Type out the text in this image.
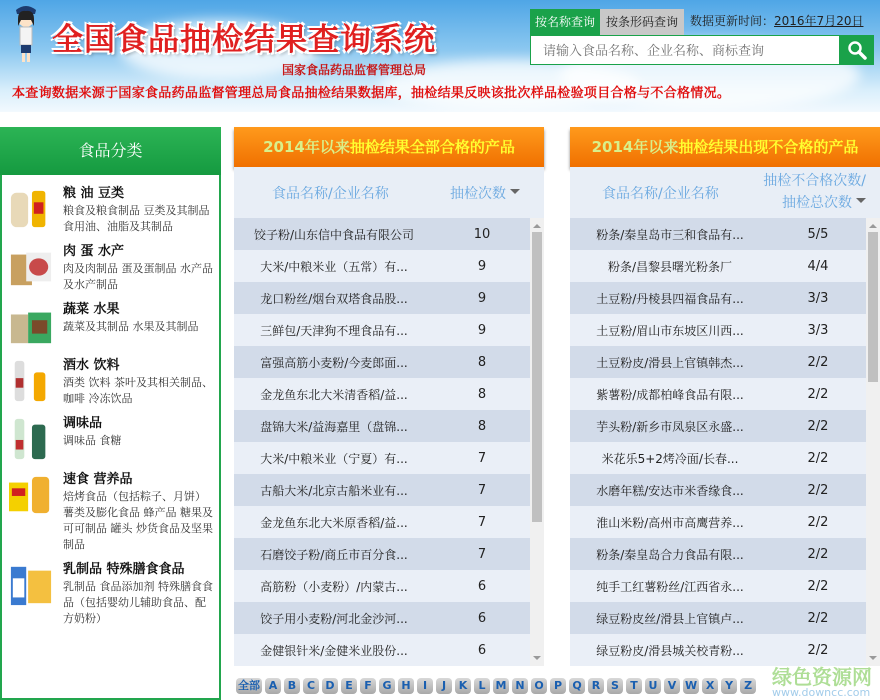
全国食品抽检结果查询系统
国家食品药品监督管理总局
本查询数据来源于国家食品药品监督管理总局食品抽检结果数据库，抽检结果反映该批次样品检验项目合格与不合格情况。
按名称查询 按条形码查询	数据更新时间：2016年7月20日
请输入食品名称、企业名称、商标查询
食品分类
粮 油 豆类
粮食及粮食制品 豆类及其制品 食用油、油脂及其制品
肉 蛋 水产
肉及肉制品 蛋及蛋制品 水产品及水产制品
蔬菜 水果
蔬菜及其制品 水果及其制品
酒水 饮料
酒类 饮料 茶叶及其相关制品、咖啡 冷冻饮品
调味品
调味品 食糖
速食 营养品
焙烤食品（包括粽子、月饼） 薯类及膨化食品 蜂产品 糖果及可可制品 罐头 炒货食品及坚果制品
乳制品 特殊膳食食品
乳制品 食品添加剂 特殊膳食食品（包括婴幼儿辅助食品、配方奶粉）
2014年以来抽检结果全部合格的产品
食品名称/企业名称	抽检次数
饺子粉/山东信中食品有限公司	10
大米/中粮米业（五常）有...	9
龙口粉丝/烟台双塔食品股...	9
三鲜包/天津狗不理食品有...	9
富强高筋小麦粉/今麦郎面...	8
金龙鱼东北大米清香稻/益...	8
盘锦大米/益海嘉里（盘锦...	8
大米/中粮米业（宁夏）有...	7
古船大米/北京古船米业有...	7
金龙鱼东北大米原香稻/益...	7
石磨饺子粉/商丘市百分食...	7
高筋粉（小麦粉）/内蒙古...	6
饺子用小麦粉/河北金沙河...	6
金健银针米/金健米业股份...	6
2014年以来抽检结果出现不合格的产品
食品名称/企业名称
抽检不合格次数/
抽检总次数
粉条/秦皇岛市三和食品有...	5/5
粉条/昌黎县曙光粉条厂	4/4
土豆粉/丹棱县四福食品有...	3/3
土豆粉/眉山市东坡区川西...	3/3
土豆粉皮/滑县上官镇韩杰...	2/2
紫薯粉/成都柏峰食品有限...	2/2
芋头粉/新乡市凤泉区永盛...	2/2
米花乐5+2烤冷面/长春...	2/2
水磨年糕/安达市米香缘食...	2/2
淮山米粉/高州市高鹰营养...	2/2
粉条/秦皇岛合力食品有限...	2/2
纯手工红薯粉丝/江西省永...	2/2
绿豆粉皮丝/滑县上官镇卢...	2/2
绿豆粉皮/滑县城关校青粉...	2/2
全部 A B C D E	F G H	I	J	K	L M N O P Q R S	T U V W X Y	Z 绿色资源网
www.downcc.com
